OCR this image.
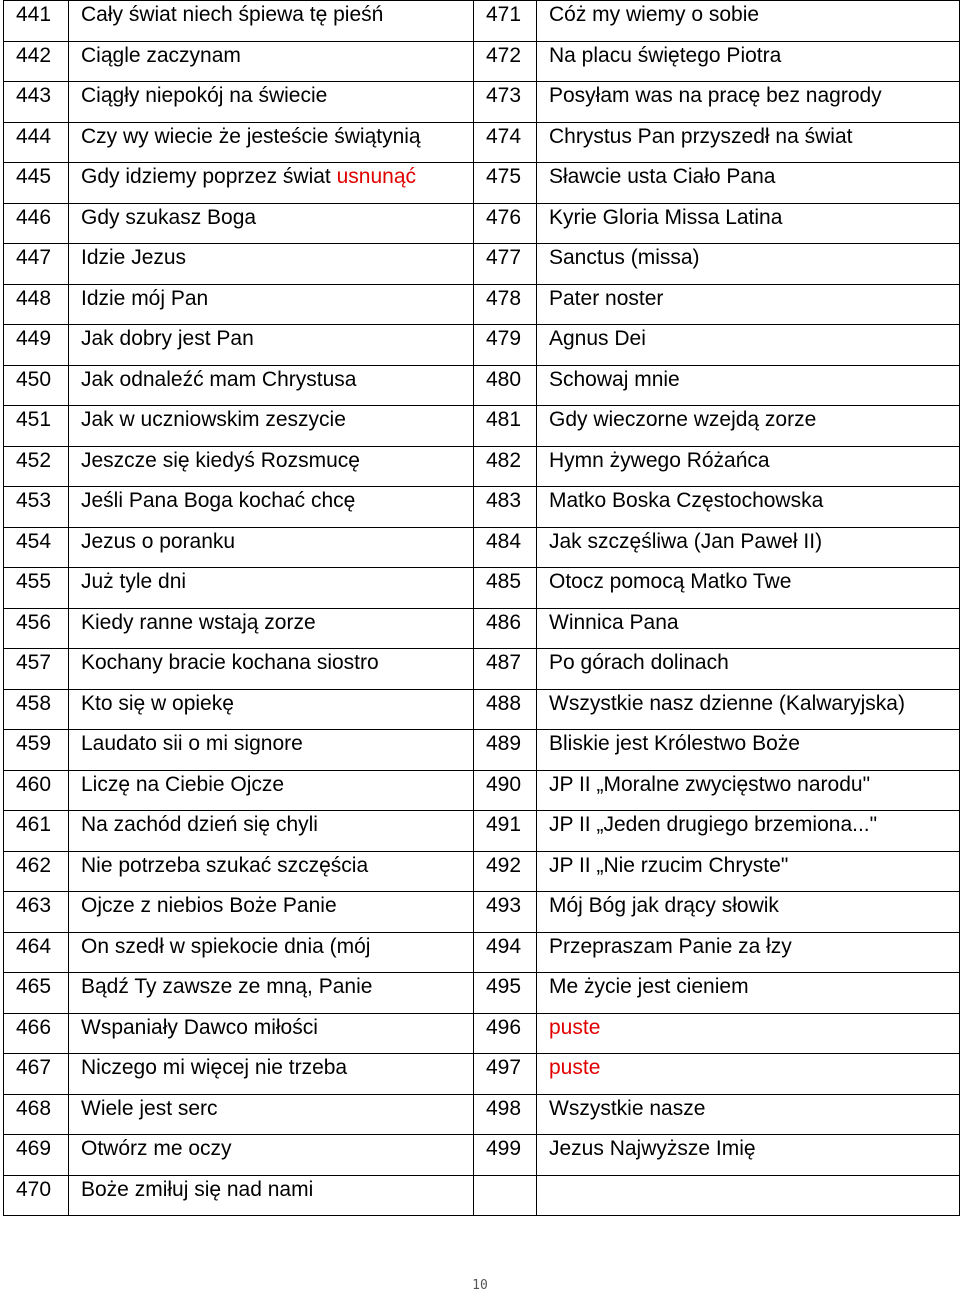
441	Cały świat niech śpiewa tę pieśń	471	Cóż my wiemy o sobie
442	Ciągle zaczynam	472	Na placu świętego Piotra
443	Ciągły niepokój na świecie	473	Posyłam was na pracę bez nagrody
444	Czy wy wiecie że jesteście świątynią	474	Chrystus Pan przyszedł na świat
445	Gdy idziemy poprzez świat usnunąć	475	Sławcie usta Ciało Pana
446	Gdy szukasz Boga	476	Kyrie Gloria Missa Latina
447	Idzie Jezus	477	Sanctus (missa)
448	Idzie mój Pan	478	Pater noster
449	Jak dobry jest Pan	479	Agnus Dei
450	Jak odnaleźć mam Chrystusa	480	Schowaj mnie
451	Jak w uczniowskim zeszycie	481	Gdy wieczorne wzejdą zorze
452	Jeszcze się kiedyś Rozsmucę	482	Hymn żywego Różańca
453	Jeśli Pana Boga kochać chcę	483	Matko Boska Częstochowska
454	Jezus o poranku	484	Jak szczęśliwa (Jan Paweł II)
455	Już tyle dni	485	Otocz pomocą Matko Twe
456	Kiedy ranne wstają zorze	486	Winnica Pana
457	Kochany bracie kochana siostro	487	Po górach dolinach
458	Kto się w opiekę	488	Wszystkie nasz dzienne (Kalwaryjska)
459	Laudato sii o mi signore	489	Bliskie jest Królestwo Boże
460	Liczę na Ciebie Ojcze	490	JP II „Moralne zwycięstwo narodu"
461	Na zachód dzień się chyli	491	JP II „Jeden drugiego brzemiona..."
462	Nie potrzeba szukać szczęścia	492	JP II „Nie rzucim Chryste"
463	Ojcze z niebios Boże Panie	493	Mój Bóg jak drący słowik
464	On szedł w spiekocie dnia (mój	494	Przepraszam Panie za łzy
465	Bądź Ty zawsze ze mną, Panie	495	Me życie jest cieniem
466	Wspaniały Dawco miłości	496	puste
467	Niczego mi więcej nie trzeba	497	puste
468	Wiele jest serc	498	Wszystkie nasze
469	Otwórz me oczy	499	Jezus Najwyższe Imię
470	Boże zmiłuj się nad nami		
10
